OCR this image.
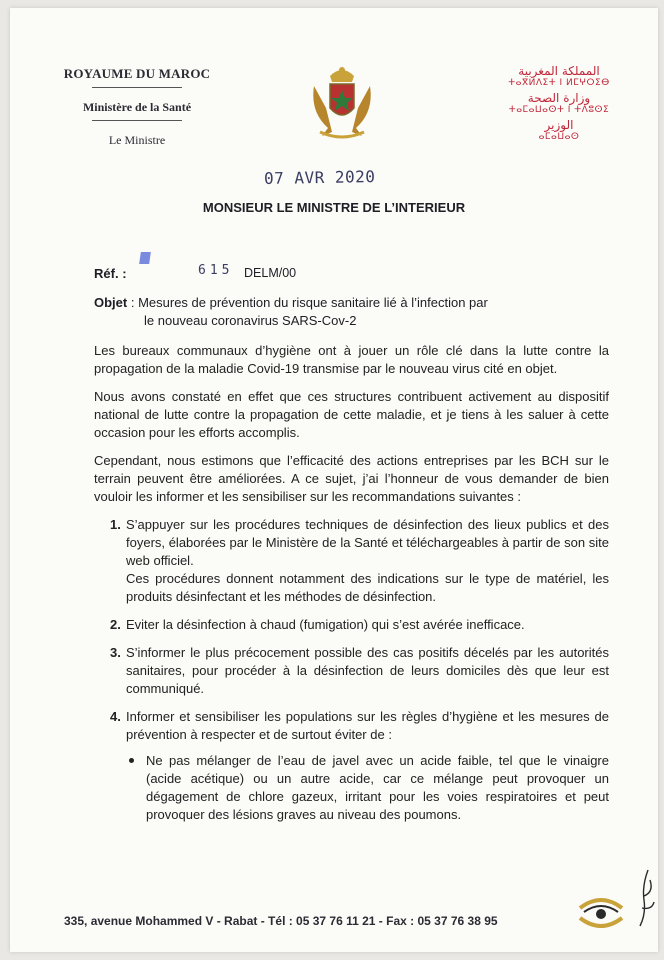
ROYAUME DU MAROC
Ministère de la Santé
Le Ministre
المملكة المغربية
ⵜⴰⴳⵍⴷⵉⵜ ⵏ ⵍⵎⵖⵔⵉⴱ
وزارة الصحة
ⵜⴰⵎⴰⵡⴰⵙⵜ ⵏ ⵜⴷⵓⵙⵉ
الوزير
ⴰⵎⴰⵡⴰⵙ
07 AVR 2020
MONSIEUR LE MINISTRE DE L’INTERIEUR
Réf. :	615 DELM/00
Objet : Mesures de prévention du risque sanitaire lié à l’infection par
le nouveau coronavirus SARS-Cov-2

Les bureaux communaux d’hygiène ont à jouer un rôle clé dans la lutte contre la propagation de la maladie Covid-19 transmise par le nouveau virus cité en objet.

Nous avons constaté en effet que ces structures contribuent activement au dispositif national de lutte contre la propagation de cette maladie, et je tiens à les saluer à cette occasion pour les efforts accomplis.

Cependant, nous estimons que l’efficacité des actions entreprises par les BCH sur le terrain peuvent être améliorées. A ce sujet, j’ai l’honneur de vous demander de bien vouloir les informer et les sensibiliser sur les recommandations suivantes :

1. S’appuyer sur les procédures techniques de désinfection des lieux publics et des foyers, élaborées par le Ministère de la Santé et téléchargeables à partir de son site web officiel.
Ces procédures donnent notamment des indications sur le type de matériel, les produits désinfectant et les méthodes de désinfection.
2. Eviter la désinfection à chaud (fumigation) qui s’est avérée inefficace.
3. S’informer le plus précocement possible des cas positifs décelés par les autorités sanitaires, pour procéder à la désinfection de leurs domiciles dès que leur est communiqué.
4. Informer et sensibiliser les populations sur les règles d’hygiène et les mesures de prévention à respecter et de surtout éviter de :
Ne pas mélanger de l’eau de javel avec un acide faible, tel que le vinaigre (acide acétique) ou un autre acide, car ce mélange peut provoquer un dégagement de chlore gazeux, irritant pour les voies respiratoires et peut provoquer des lésions graves au niveau des poumons.
335, avenue Mohammed V - Rabat - Tél : 05 37 76 11 21 - Fax : 05 37 76 38 95
